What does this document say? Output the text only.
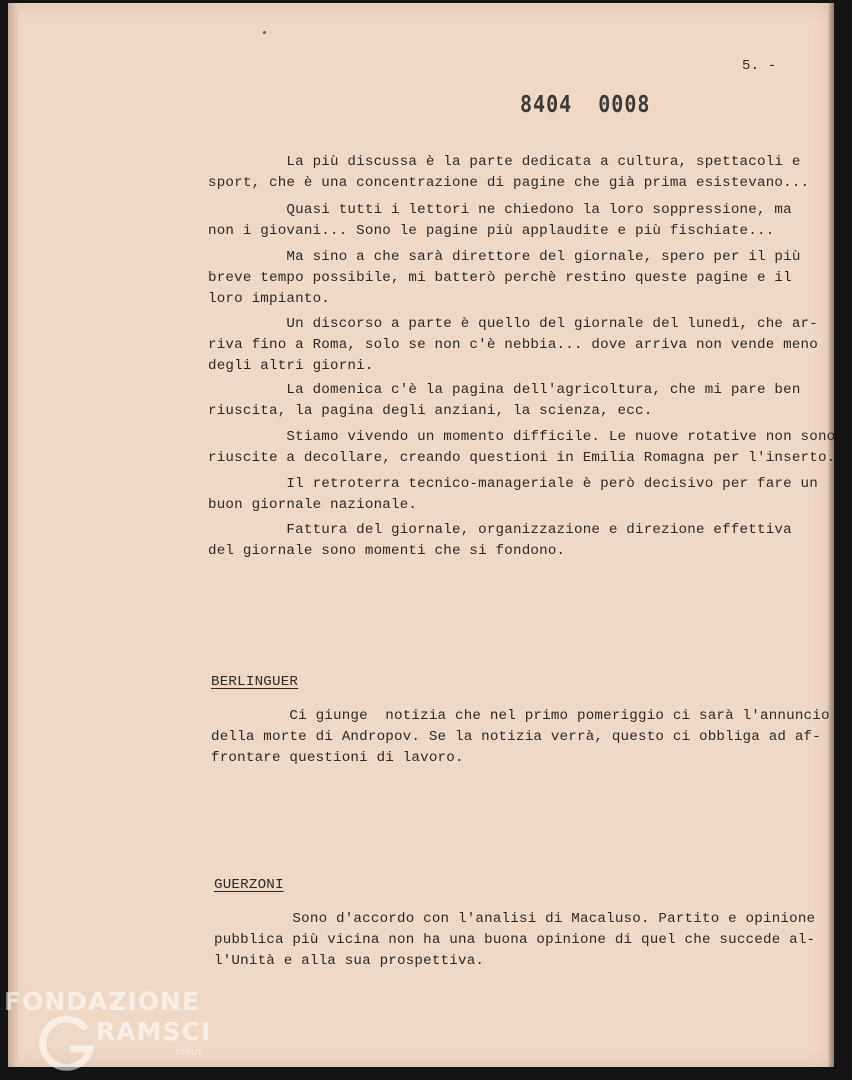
5. -
8404  0008
La più discussa è la parte dedicata a cultura, spettacoli e
sport, che è una concentrazione di pagine che già prima esistevano...
Quasi tutti i lettori ne chiedono la loro soppressione, ma
non i giovani... Sono le pagine più applaudite e più fischiate...
Ma sino a che sarà direttore del giornale, spero per il più
breve tempo possibile, mi batterò perchè restino queste pagine e il
loro impianto.
Un discorso a parte è quello del giornale del lunedì, che ar-
riva fino a Roma, solo se non c'è nebbia... dove arriva non vende meno
degli altri giorni.
La domenica c'è la pagina dell'agricoltura, che mi pare ben
riuscita, la pagina degli anziani, la scienza, ecc.
Stiamo vivendo un momento difficile. Le nuove rotative non sono
riuscite a decollare, creando questioni in Emilia Romagna per l'inserto.
Il retroterra tecnico-manageriale è però decisivo per fare un
buon giornale nazionale.
Fattura del giornale, organizzazione e direzione effettiva
del giornale sono momenti che si fondono.
BERLINGUER
Ci giunge  notizia che nel primo pomeriggio ci sarà l'annuncio
della morte di Andropov. Se la notizia verrà, questo ci obbliga ad af-
frontare questioni di lavoro.
GUERZONI
Sono d'accordo con l'analisi di Macaluso. Partito e opinione
pubblica più vicina non ha una buona opinione di quel che succede al-
l'Unità e alla sua prospettiva.
FONDAZIONE
RAMSCI
onlus
